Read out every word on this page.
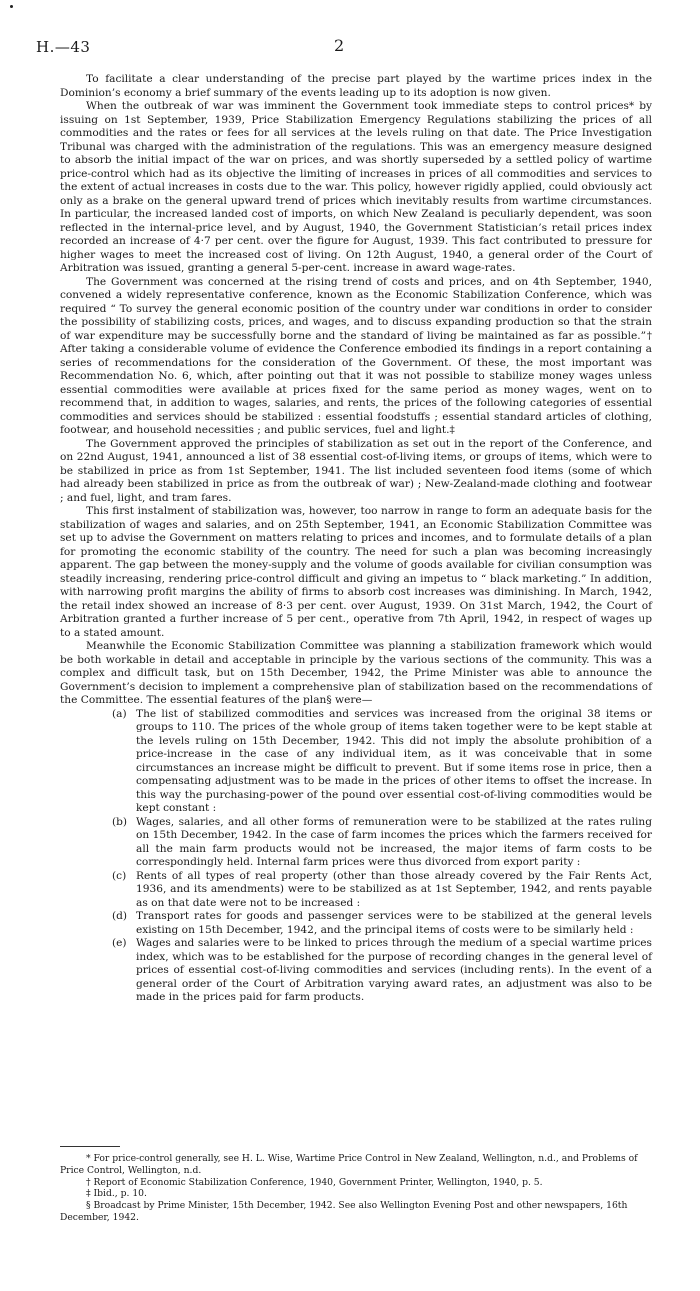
H.—43	2

To facilitate a clear understanding of the precise part played by the wartime prices index in the Dominion’s economy a brief summary of the events leading up to its adoption is now given.

When the outbreak of war was imminent the Government took immediate steps to control prices* by issuing on 1st September, 1939, Price Stabilization Emergency Regulations stabilizing the prices of all commodities and the rates or fees for all services at the levels ruling on that date. The Price Investigation Tribunal was charged with the administration of the regulations. This was an emergency measure designed to absorb the initial impact of the war on prices, and was shortly superseded by a settled policy of wartime price-control which had as its objective the limiting of increases in prices of all commodities and services to the extent of actual increases in costs due to the war. This policy, however rigidly applied, could obviously act only as a brake on the general upward trend of prices which inevitably results from wartime circumstances. In particular, the increased landed cost of imports, on which New Zealand is peculiarly dependent, was soon reflected in the internal-price level, and by August, 1940, the Government Statistician’s retail prices index recorded an increase of 4·7 per cent. over the figure for August, 1939. This fact contributed to pressure for higher wages to meet the increased cost of living. On 12th August, 1940, a general order of the Court of Arbitration was issued, granting a general 5-per-cent. increase in award wage-rates.

The Government was concerned at the rising trend of costs and prices, and on 4th September, 1940, convened a widely representative conference, known as the Economic Stabilization Conference, which was required “ To survey the general economic position of the country under war conditions in order to consider the possibility of stabilizing costs, prices, and wages, and to discuss expanding production so that the strain of war expenditure may be successfully borne and the standard of living be maintained as far as possible.”† After taking a considerable volume of evidence the Conference embodied its findings in a report containing a series of recommendations for the consideration of the Government. Of these, the most important was Recommendation No. 6, which, after pointing out that it was not possible to stabilize money wages unless essential commodities were available at prices fixed for the same period as money wages, went on to recommend that, in addition to wages, salaries, and rents, the prices of the following categories of essential commodities and services should be stabilized : essential foodstuffs ; essential standard articles of clothing, footwear, and household necessities ; and public services, fuel and light.‡

The Government approved the principles of stabilization as set out in the report of the Conference, and on 22nd August, 1941, announced a list of 38 essential cost-of-living items, or groups of items, which were to be stabilized in price as from 1st September, 1941. The list included seventeen food items (some of which had already been stabilized in price as from the outbreak of war) ; New-Zealand-made clothing and footwear ; and fuel, light, and tram fares.

This first instalment of stabilization was, however, too narrow in range to form an adequate basis for the stabilization of wages and salaries, and on 25th September, 1941, an Economic Stabilization Committee was set up to advise the Government on matters relating to prices and incomes, and to formulate details of a plan for promoting the economic stability of the country. The need for such a plan was becoming increasingly apparent. The gap between the money-supply and the volume of goods available for civilian consumption was steadily increasing, rendering price-control difficult and giving an impetus to “ black marketing.” In addition, with narrowing profit margins the ability of firms to absorb cost increases was diminishing. In March, 1942, the retail index showed an increase of 8·3 per cent. over August, 1939. On 31st March, 1942, the Court of Arbitration granted a further increase of 5 per cent., operative from 7th April, 1942, in respect of wages up to a stated amount.

Meanwhile the Economic Stabilization Committee was planning a stabilization framework which would be both workable in detail and acceptable in principle by the various sections of the community. This was a complex and difficult task, but on 15th December, 1942, the Prime Minister was able to announce the Government’s decision to implement a comprehensive plan of stabilization based on the recommendations of the Committee. The essential features of the plan§ were—

(a) The list of stabilized commodities and services was increased from the original 38 items or groups to 110. The prices of the whole group of items taken together were to be kept stable at the levels ruling on 15th December, 1942. This did not imply the absolute prohibition of a price-increase in the case of any individual item, as it was conceivable that in some circumstances an increase might be difficult to prevent. But if some items rose in price, then a compensating adjustment was to be made in the prices of other items to offset the increase. In this way the purchasing-power of the pound over essential cost-of-living commodities would be kept constant :
(b) Wages, salaries, and all other forms of remuneration were to be stabilized at the rates ruling on 15th December, 1942. In the case of farm incomes the prices which the farmers received for all the main farm products would not be increased, the major items of farm costs to be correspondingly held. Internal farm prices were thus divorced from export parity :
(c) Rents of all types of real property (other than those already covered by the Fair Rents Act, 1936, and its amendments) were to be stabilized as at 1st September, 1942, and rents payable as on that date were not to be increased :
(d) Transport rates for goods and passenger services were to be stabilized at the general levels existing on 15th December, 1942, and the principal items of costs were to be similarly held :
(e) Wages and salaries were to be linked to prices through the medium of a special wartime prices index, which was to be established for the purpose of recording changes in the general level of prices of essential cost-of-living commodities and services (including rents). In the event of a general order of the Court of Arbitration varying award rates, an adjustment was also to be made in the prices paid for farm products.

* For price-control generally, see H. L. Wise, Wartime Price Control in New Zealand, Wellington, n.d., and Problems of Price Control, Wellington, n.d.

† Report of Economic Stabilization Conference, 1940, Government Printer, Wellington, 1940, p. 5.

‡ Ibid., p. 10.

§ Broadcast by Prime Minister, 15th December, 1942. See also Wellington Evening Post and other newspapers, 16th December, 1942.
